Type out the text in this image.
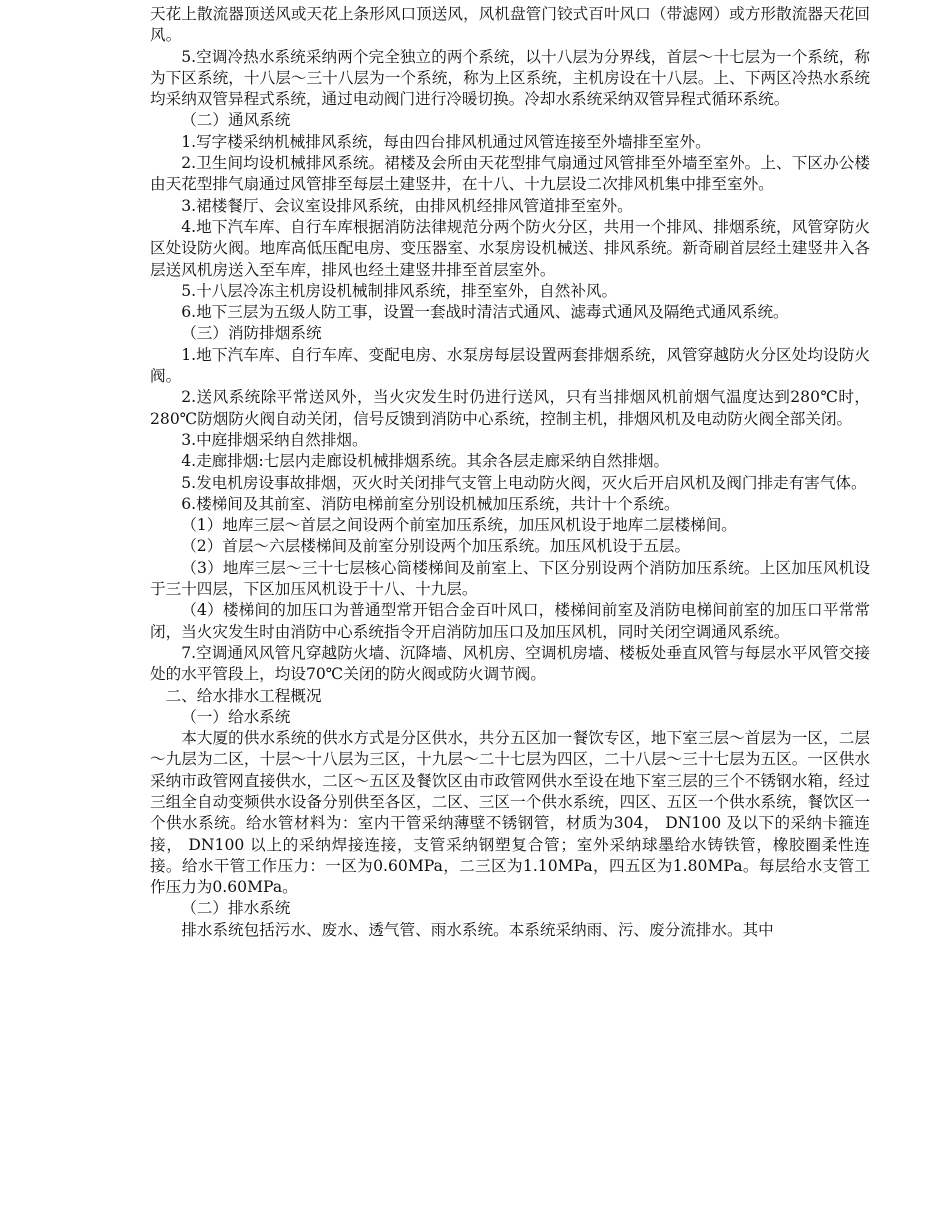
天花上散流器顶送风或天花上条形风口顶送风，风机盘管门铰式百叶风口（带滤网）或方形散流器天花回风。

5.空调冷热水系统采纳两个完全独立的两个系统，以十八层为分界线，首层～十七层为一个系统，称为下区系统，十八层～三十八层为一个系统，称为上区系统，主机房设在十八层。上、下两区冷热水系统均采纳双管异程式系统，通过电动阀门进行冷暖切换。冷却水系统采纳双管异程式循环系统。

（二）通风系统

1.写字楼采纳机械排风系统，每由四台排风机通过风管连接至外墙排至室外。

2.卫生间均设机械排风系统。裙楼及会所由天花型排气扇通过风管排至外墙至室外。上、下区办公楼由天花型排气扇通过风管排至每层土建竖井，在十八、十九层设二次排风机集中排至室外。

3.裙楼餐厅、会议室设排风系统，由排风机经排风管道排至室外。

4.地下汽车库、自行车库根据消防法律规范分两个防火分区，共用一个排风、排烟系统，风管穿防火区处设防火阀。地库高低压配电房、变压器室、水泵房设机械送、排风系统。新奇刷首层经土建竖井入各层送风机房送入至车库，排风也经土建竖井排至首层室外。

5.十八层冷冻主机房设机械制排风系统，排至室外，自然补风。

6.地下三层为五级人防工事，设置一套战时清洁式通风、滤毒式通风及隔绝式通风系统。

（三）消防排烟系统

1.地下汽车库、自行车库、变配电房、水泵房每层设置两套排烟系统，风管穿越防火分区处均设防火阀。

2.送风系统除平常送风外，当火灾发生时仍进行送风，只有当排烟风机前烟气温度达到280℃时，280℃防烟防火阀自动关闭，信号反馈到消防中心系统，控制主机，排烟风机及电动防火阀全部关闭。

3.中庭排烟采纳自然排烟。

4.走廊排烟:七层内走廊设机械排烟系统。其余各层走廊采纳自然排烟。

5.发电机房设事故排烟，灭火时关闭排气支管上电动防火阀，灭火后开启风机及阀门排走有害气体。

6.楼梯间及其前室、消防电梯前室分别设机械加压系统，共计十个系统。

（1）地库三层～首层之间设两个前室加压系统，加压风机设于地库二层楼梯间。

（2）首层～六层楼梯间及前室分别设两个加压系统。加压风机设于五层。

（3）地库三层～三十七层核心筒楼梯间及前室上、下区分别设两个消防加压系统。上区加压风机设于三十四层，下区加压风机设于十八、十九层。

（4）楼梯间的加压口为普通型常开铝合金百叶风口，楼梯间前室及消防电梯间前室的加压口平常常闭，当火灾发生时由消防中心系统指令开启消防加压口及加压风机，同时关闭空调通风系统。

7.空调通风风管凡穿越防火墙、沉降墙、风机房、空调机房墙、楼板处垂直风管与每层水平风管交接处的水平管段上，均设70℃关闭的防火阀或防火调节阀。

二、给水排水工程概况

（一）给水系统

本大厦的供水系统的供水方式是分区供水，共分五区加一餐饮专区，地下室三层～首层为一区，二层～九层为二区，十层～十八层为三区，十九层～二十七层为四区，二十八层～三十七层为五区。一区供水采纳市政管网直接供水，二区～五区及餐饮区由市政管网供水至设在地下室三层的三个不锈钢水箱，经过三组全自动变频供水设备分别供至各区，二区、三区一个供水系统，四区、五区一个供水系统，餐饮区一个供水系统。给水管材料为：室内干管采纳薄壁不锈钢管，材质为304， DN100 及以下的采纳卡箍连接， DN100 以上的采纳焊接连接，支管采纳钢塑复合管；室外采纳球墨给水铸铁管，橡胶圈柔性连接。给水干管工作压力：一区为0.60MPa，二三区为1.10MPa，四五区为1.80MPa。每层给水支管工作压力为0.60MPa。

（二）排水系统

排水系统包括污水、废水、透气管、雨水系统。本系统采纳雨、污、废分流排水。其中
